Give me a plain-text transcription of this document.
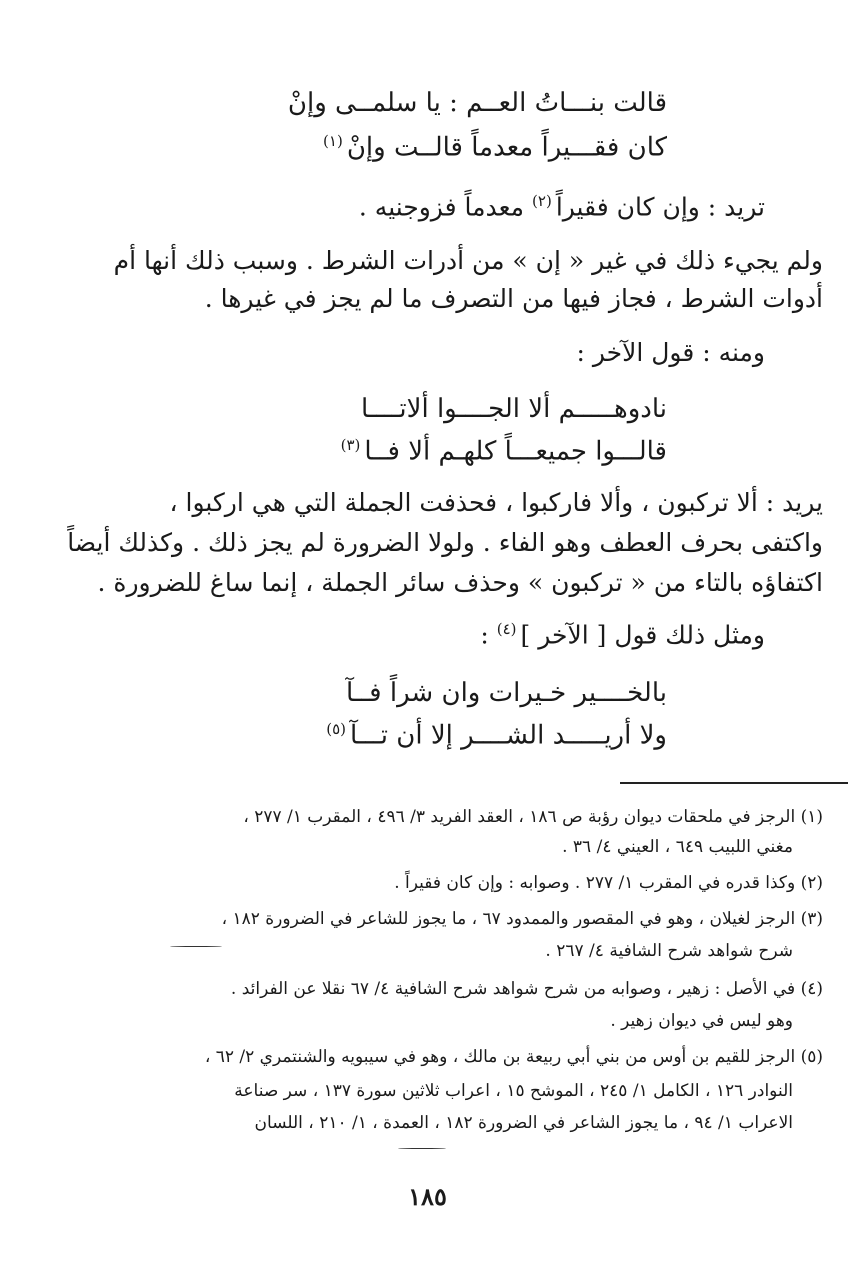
قالت بنـــاتُ العــم : يا سلمــى وإنْ
كان فقـــيراً معدماً قالــت وإنْ$^{(١)}$
تريد : وإن كان فقيراً$^{(٢)}$ معدماً فزوجنيه .
ولم يجيء ذلك في غير « إن » من أدرات الشرط . وسبب ذلك أنها أم
أدوات الشرط ، فجاز فيها من التصرف ما لم يجز في غيرها .
ومنه : قول الآخر :
نادوهـــــم ألا الجــــوا ألاتــــا
قالـــوا جميعـــاً كلهـم ألا فــا$^{(٣)}$
يريد : ألا تركبون ، وألا فاركبوا ، فحذفت الجملة التي هي اركبوا ،
واكتفى بحرف العطف وهو الفاء . ولولا الضرورة لم يجز ذلك . وكذلك أيضاً
اكتفاؤه بالتاء من « تركبون » وحذف سائر الجملة ، إنما ساغ للضرورة .
ومثل ذلك قول [ الآخر ]$^{(٤)}$ :
بالخــــير خـيرات وان شراً فــآ
ولا أريـــــد الشــــر إلا أن تـــآ$^{(٥)}$
(١) الرجز في ملحقات ديوان رؤبة ص ١٨٦ ، العقد الفريد ٣/ ٤٩٦ ، المقرب ١/ ٢٧٧ ،
مغني اللبيب ٦٤٩ ، العيني ٤/ ٣٦ .
(٢) وكذا قدره في المقرب ١/ ٢٧٧ . وصوابه : وإن كان فقيراً .
(٣) الرجز لغيلان ، وهو في المقصور والممدود ٦٧ ، ما يجوز للشاعر في الضرورة ١٨٢ ،
شرح شواهد شرح الشافية ٤/ ٢٦٧ .
(٤) في الأصل : زهير ، وصوابه من شرح شواهد شرح الشافية ٤/ ٦٧ نقلا عن الفرائد .
وهو ليس في ديوان زهير .
(٥) الرجز للقيم بن أوس من بني أبي ربيعة بن مالك ، وهو في سيبويه والشنتمري ٢/ ٦٢ ،
النوادر ١٢٦ ، الكامل ١/ ٢٤٥ ، الموشح ١٥ ، اعراب ثلاثين سورة ١٣٧ ، سر صناعة
الاعراب ١/ ٩٤ ، ما يجوز الشاعر في الضرورة ١٨٢ ، العمدة ، ١/ ٢١٠ ، اللسان
١٨٥
